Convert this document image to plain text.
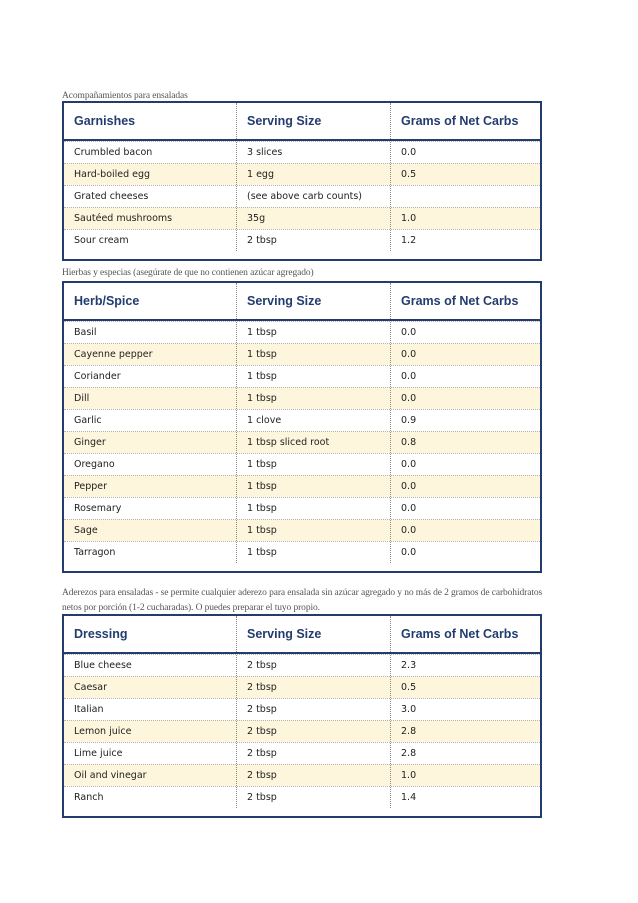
Acompañamientos para ensaladas
Garnishes	Serving Size	Grams of Net Carbs
Crumbled bacon	3 slices	0.0
Hard-boiled egg	1 egg	0.5
Grated cheeses	(see above carb counts)
Sautéed mushrooms	35g	1.0
Sour cream	2 tbsp	1.2
Hierbas y especias (asegúrate de que no contienen azúcar agregado)
Herb/Spice	Serving Size	Grams of Net Carbs
Basil	1 tbsp	0.0
Cayenne pepper	1 tbsp	0.0
Coriander	1 tbsp	0.0
Dill	1 tbsp	0.0
Garlic	1 clove	0.9
Ginger	1 tbsp sliced root	0.8
Oregano	1 tbsp	0.0
Pepper	1 tbsp	0.0
Rosemary	1 tbsp	0.0
Sage	1 tbsp	0.0
Tarragon	1 tbsp	0.0
Aderezos para ensaladas - se permite cualquier aderezo para ensalada sin azúcar agregado y no más de 2 gramos de carbohidratos
netos por porción (1-2 cucharadas). O puedes preparar el tuyo propio.
Dressing	Serving Size	Grams of Net Carbs
Blue cheese	2 tbsp	2.3
Caesar	2 tbsp	0.5
Italian	2 tbsp	3.0
Lemon juice	2 tbsp	2.8
Lime juice	2 tbsp	2.8
Oil and vinegar	2 tbsp	1.0
Ranch	2 tbsp	1.4
